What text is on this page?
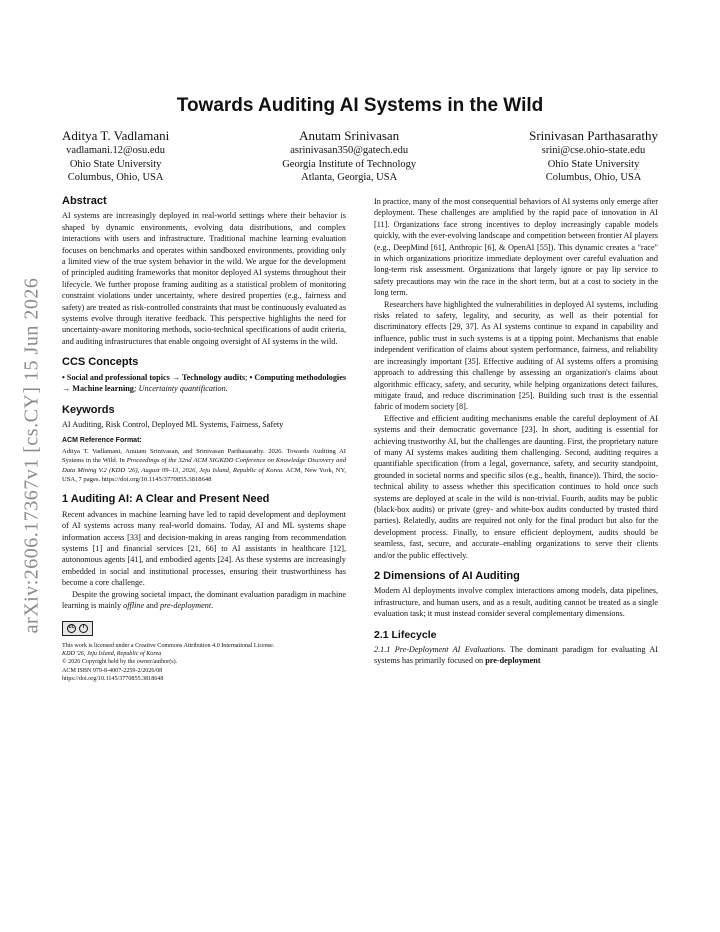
arXiv:2606.17367v1 [cs.CY] 15 Jun 2026
Towards Auditing AI Systems in the Wild
Aditya T. Vadlamani
vadlamani.12@osu.edu
Ohio State University
Columbus, Ohio, USA
Anutam Srinivasan
asrinivasan350@gatech.edu
Georgia Institute of Technology
Atlanta, Georgia, USA
Srinivasan Parthasarathy
srini@cse.ohio-state.edu
Ohio State University
Columbus, Ohio, USA
Abstract

AI systems are increasingly deployed in real-world settings where their behavior is shaped by dynamic environments, evolving data distributions, and complex interactions with users and infrastructure. Traditional machine learning evaluation focuses on benchmarks and operates within sandboxed environments, providing only a limited view of the true system behavior in the wild. We argue for the development of principled auditing frameworks that monitor deployed AI systems throughout their lifecycle. We further propose framing auditing as a statistical problem of monitoring constraint violations under uncertainty, where desired properties (e.g., fairness and safety) are treated as risk-controlled constraints that must be continuously evaluated as systems evolve through iterative feedback. This perspective highlights the need for uncertainty-aware monitoring methods, socio-technical specifications of audit criteria, and auditing infrastructures that enable ongoing oversight of AI systems in the wild.

CCS Concepts

• Social and professional topics → Technology audits; • Computing methodologies → Machine learning; Uncertainty quantification.

Keywords

AI Auditing, Risk Control, Deployed ML Systems, Fairness, Safety

ACM Reference Format:

Aditya T. Vadlamani, Anutam Srinivasan, and Srinivasan Parthasarathy. 2026. Towards Auditing AI Systems in the Wild. In Proceedings of the 32nd ACM SIGKDD Conference on Knowledge Discovery and Data Mining V.2 (KDD '26), August 09–13, 2026, Jeju Island, Republic of Korea. ACM, New York, NY, USA, 7 pages. https://doi.org/10.1145/3770855.3818648

1 Auditing AI: A Clear and Present Need

Recent advances in machine learning have led to rapid development and deployment of AI systems across many real-world domains. Today, AI and ML systems shape information access [33] and decision-making in areas ranging from recommendation systems [1] and financial services [21, 66] to AI assistants in healthcare [12], autonomous agents [41], and embodied agents [24]. As these systems are increasingly embedded in social and institutional processes, ensuring their trustworthiness has become a core challenge.

Despite the growing societal impact, the dominant evaluation paradigm in machine learning is mainly offline and pre-deployment.

cc	i
This work is licensed under a Creative Commons Attribution 4.0 International License.
KDD '26, Jeju Island, Republic of Korea
© 2026 Copyright held by the owner/author(s).
ACM ISBN 979-8-4007-2259-2/2026/08
https://doi.org/10.1145/3770855.3818648

In practice, many of the most consequential behaviors of AI systems only emerge after deployment. These challenges are amplified by the rapid pace of innovation in AI [11]. Organizations face strong incentives to deploy increasingly capable models quickly, with the ever-evolving landscape and competition between frontier AI players (e.g., DeepMind [61], Anthropic [6], & OpenAI [55]). This dynamic creates a "race" in which organizations prioritize immediate deployment over careful evaluation and long-term risk assessment. Organizations that largely ignore or pay lip service to safety precautions may win the race in the short term, but at a cost to society in the long term.

Researchers have highlighted the vulnerabilities in deployed AI systems, including risks related to safety, legality, and security, as well as their potential for discriminatory effects [29, 37]. As AI systems continue to expand in capability and influence, public trust in such systems is at a tipping point. Mechanisms that enable independent verification of claims about system performance, fairness, and reliability are increasingly important [35]. Effective auditing of AI systems offers a promising approach to addressing this challenge by assessing an organization's claims about algorithmic efficacy, safety, and security, while helping organizations detect failures, mitigate fraud, and reduce discrimination [25]. Building such trust is the essential fabric of modern society [8].

Effective and efficient auditing mechanisms enable the careful deployment of AI systems and their democratic governance [23]. In short, auditing is essential for achieving trustworthy AI, but the challenges are daunting. First, the proprietary nature of many AI systems makes auditing them challenging. Second, auditing requires a quantifiable specification (from a legal, governance, safety, and security standpoint, grounded in societal norms and specific silos (e.g., health, finance)). Third, the socio-technical ability to assess whether this specification continues to hold once such systems are deployed at scale in the wild is non-trivial. Fourth, audits may be public (black-box audits) or private (grey- and white-box audits conducted by trusted third parties). Relatedly, audits are required not only for the final product but also for the development process. Finally, to ensure efficient deployment, audits should be seamless, fast, secure, and accurate–enabling organizations to serve their clients and/or the public effectively.

2 Dimensions of AI Auditing

Modern AI deployments involve complex interactions among models, data pipelines, infrastructure, and human users, and as a result, auditing cannot be treated as a single evaluation task; it must instead consider several complementary dimensions.

2.1 Lifecycle

2.1.1 Pre-Deployment AI Evaluations. The dominant paradigm for evaluating AI systems has primarily focused on pre-deployment
